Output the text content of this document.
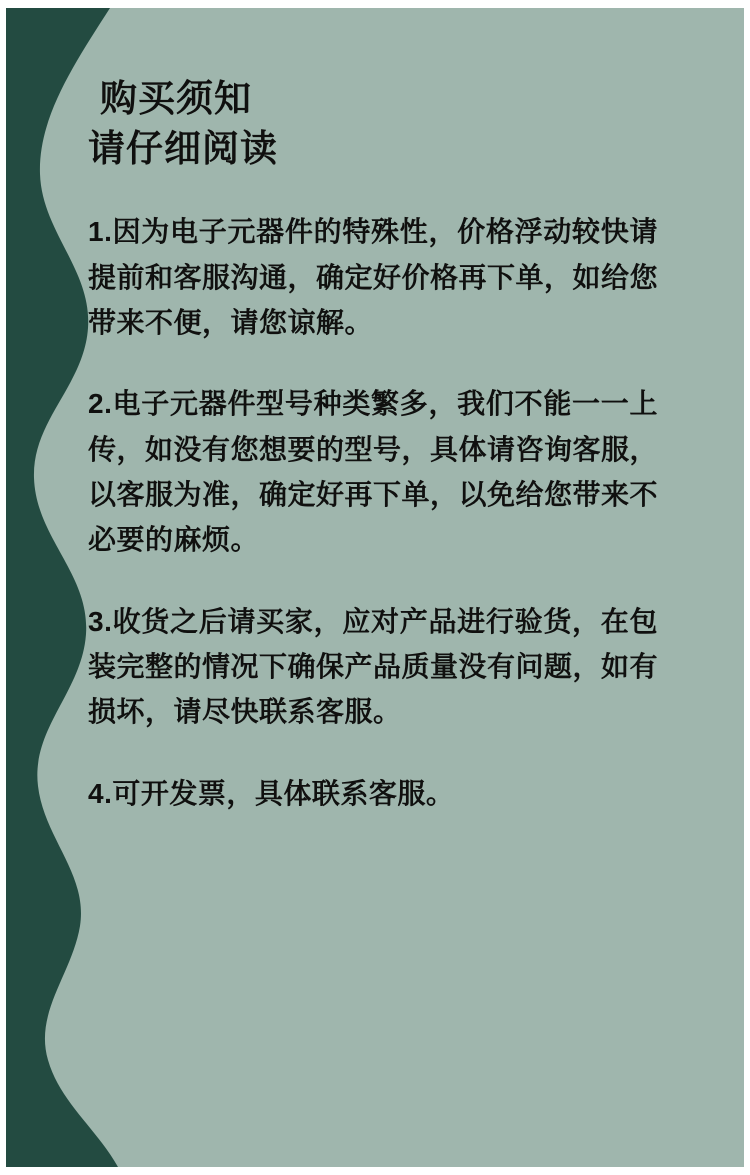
购买须知
请仔细阅读

1.因为电子元器件的特殊性，价格浮动较快请提前和客服沟通，确定好价格再下单，如给您带来不便，请您谅解。

2.电子元器件型号种类繁多，我们不能一一上传，如没有您想要的型号，具体请咨询客服，以客服为准，确定好再下单，以免给您带来不必要的麻烦。

3.收货之后请买家，应对产品进行验货，在包装完整的情况下确保产品质量没有问题，如有损坏，请尽快联系客服。

4.可开发票，具体联系客服。
